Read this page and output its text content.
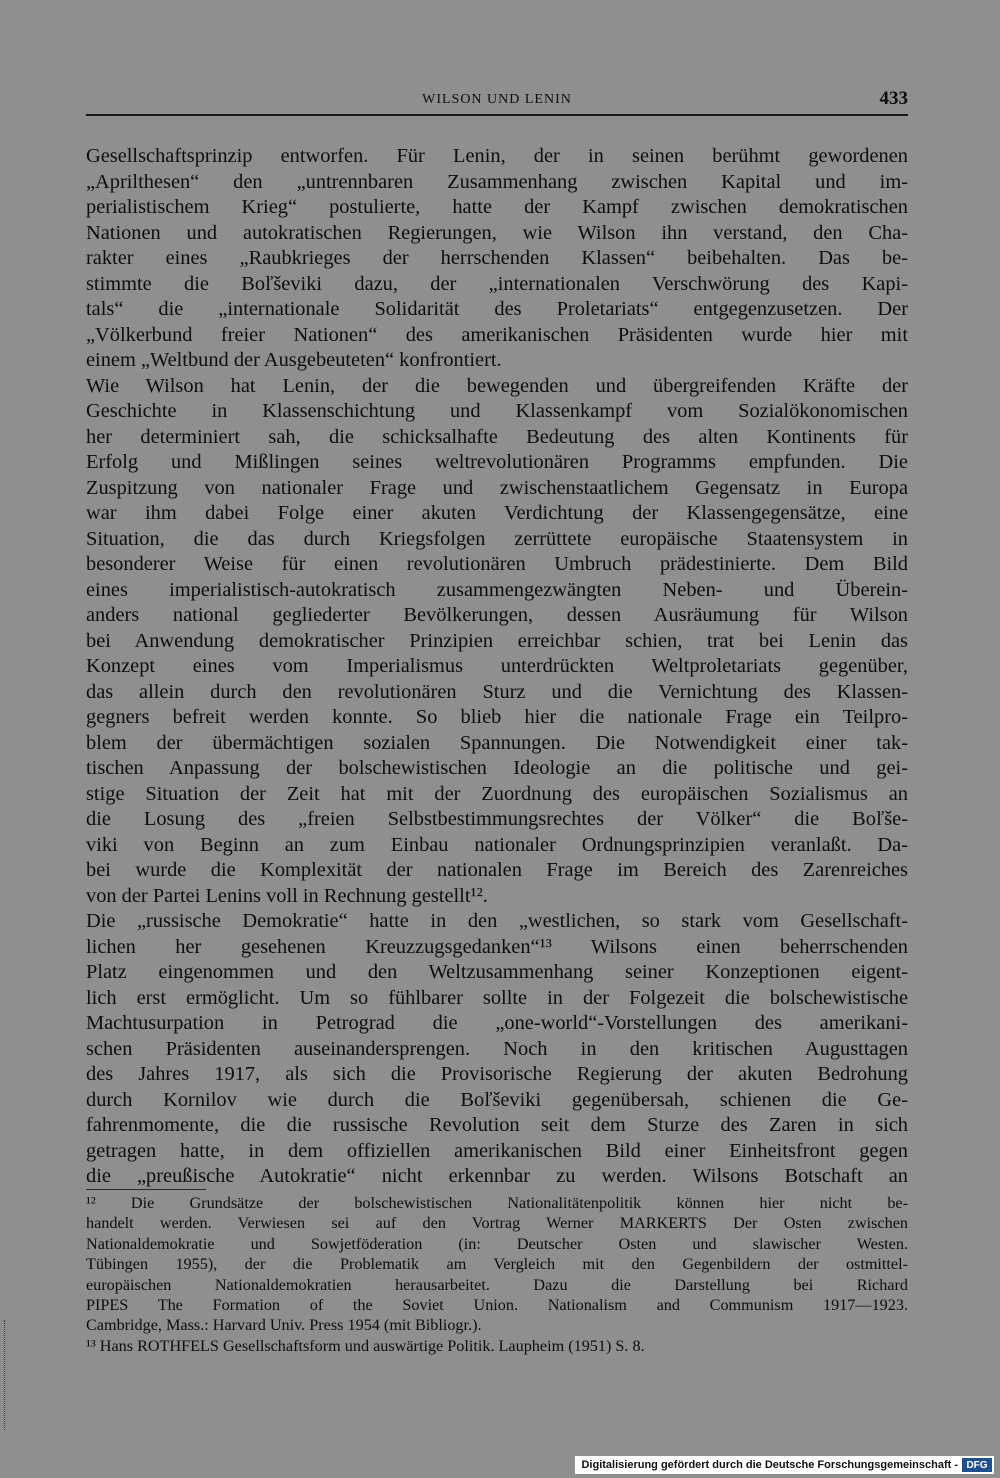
WILSON UND LENIN	433
Gesellschaftsprinzip entworfen. Für Lenin, der in seinen berühmt gewordenen
„Aprilthesen“ den „untrennbaren Zusammenhang zwischen Kapital und im-
perialistischem Krieg“ postulierte, hatte der Kampf zwischen demokratischen
Nationen und autokratischen Regierungen, wie Wilson ihn verstand, den Cha-
rakter eines „Raubkrieges der herrschenden Klassen“ beibehalten. Das be-
stimmte die Boľševiki dazu, der „internationalen Verschwörung des Kapi-
tals“ die „internationale Solidarität des Proletariats“ entgegenzusetzen. Der
„Völkerbund freier Nationen“ des amerikanischen Präsidenten wurde hier mit
einem „Weltbund der Ausgebeuteten“ konfrontiert.
Wie Wilson hat Lenin, der die bewegenden und übergreifenden Kräfte der
Geschichte in Klassenschichtung und Klassenkampf vom Sozialökonomischen
her determiniert sah, die schicksalhafte Bedeutung des alten Kontinents für
Erfolg und Mißlingen seines weltrevolutionären Programms empfunden. Die
Zuspitzung von nationaler Frage und zwischenstaatlichem Gegensatz in Europa
war ihm dabei Folge einer akuten Verdichtung der Klassengegensätze, eine
Situation, die das durch Kriegsfolgen zerrüttete europäische Staatensystem in
besonderer Weise für einen revolutionären Umbruch prädestinierte. Dem Bild
eines imperialistisch-autokratisch zusammengezwängten Neben- und Überein-
anders national gegliederter Bevölkerungen, dessen Ausräumung für Wilson
bei Anwendung demokratischer Prinzipien erreichbar schien, trat bei Lenin das
Konzept eines vom Imperialismus unterdrückten Weltproletariats gegenüber,
das allein durch den revolutionären Sturz und die Vernichtung des Klassen-
gegners befreit werden konnte. So blieb hier die nationale Frage ein Teilpro-
blem der übermächtigen sozialen Spannungen. Die Notwendigkeit einer tak-
tischen Anpassung der bolschewistischen Ideologie an die politische und gei-
stige Situation der Zeit hat mit der Zuordnung des europäischen Sozialismus an
die Losung des „freien Selbstbestimmungsrechtes der Völker“ die Boľše-
viki von Beginn an zum Einbau nationaler Ordnungsprinzipien veranlaßt. Da-
bei wurde die Komplexität der nationalen Frage im Bereich des Zarenreiches
von der Partei Lenins voll in Rechnung gestellt¹².
Die „russische Demokratie“ hatte in den „westlichen, so stark vom Gesellschaft-
lichen her gesehenen Kreuzzugsgedanken“¹³ Wilsons einen beherrschenden
Platz eingenommen und den Weltzusammenhang seiner Konzeptionen eigent-
lich erst ermöglicht. Um so fühlbarer sollte in der Folgezeit die bolschewistische
Machtusurpation in Petrograd die „one-world“-Vorstellungen des amerikani-
schen Präsidenten auseinandersprengen. Noch in den kritischen Augusttagen
des Jahres 1917, als sich die Provisorische Regierung der akuten Bedrohung
durch Kornilov wie durch die Boľševiki gegenübersah, schienen die Ge-
fahrenmomente, die die russische Revolution seit dem Sturze des Zaren in sich
getragen hatte, in dem offiziellen amerikanischen Bild einer Einheitsfront gegen
die „preußische Autokratie“ nicht erkennbar zu werden. Wilsons Botschaft an
¹² Die Grundsätze der bolschewistischen Nationalitätenpolitik können hier nicht be-
handelt werden. Verwiesen sei auf den Vortrag Werner MARKERTS Der Osten zwischen
Nationaldemokratie und Sowjetföderation (in: Deutscher Osten und slawischer Westen.
Tübingen 1955), der die Problematik am Vergleich mit den Gegenbildern der ostmittel-
europäischen Nationaldemokratien herausarbeitet. Dazu die Darstellung bei Richard
PIPES The Formation of the Soviet Union. Nationalism and Communism 1917—1923.
Cambridge, Mass.: Harvard Univ. Press 1954 (mit Bibliogr.).
¹³ Hans ROTHFELS Gesellschaftsform und auswärtige Politik. Laupheim (1951) S. 8.
Digitalisierung gefördert durch die Deutsche Forschungsgemeinschaft - DFG
